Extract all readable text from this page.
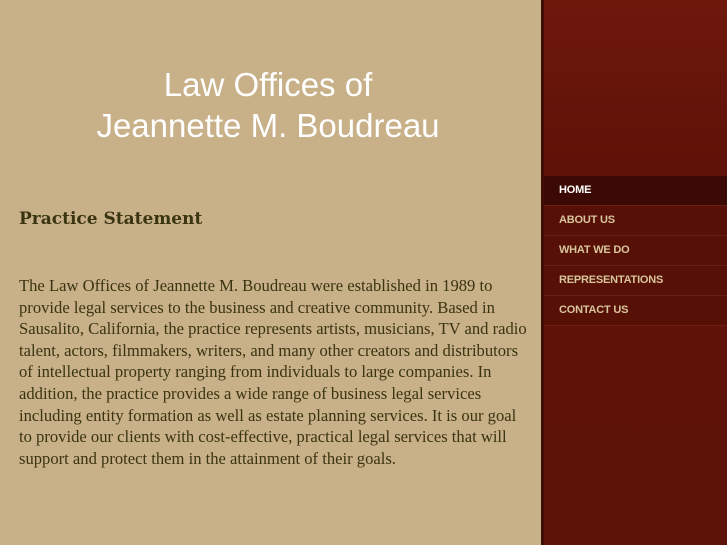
Law Offices of
Jeannette M. Boudreau
Practice Statement

The Law Offices of Jeannette M. Boudreau were established in 1989 to provide legal services to the business and creative community. Based in Sausalito, California, the practice represents artists, musicians, TV and radio talent, actors, filmmakers, writers, and many other creators and distributors of intellectual property ranging from individuals to large companies. In addition, the practice provides a wide range of business legal services including entity formation as well as estate planning services. It is our goal to provide our clients with cost-effective, practical legal services that will support and protect them in the attainment of their goals.

HOME
ABOUT US
WHAT WE DO
REPRESENTATIONS
CONTACT US
